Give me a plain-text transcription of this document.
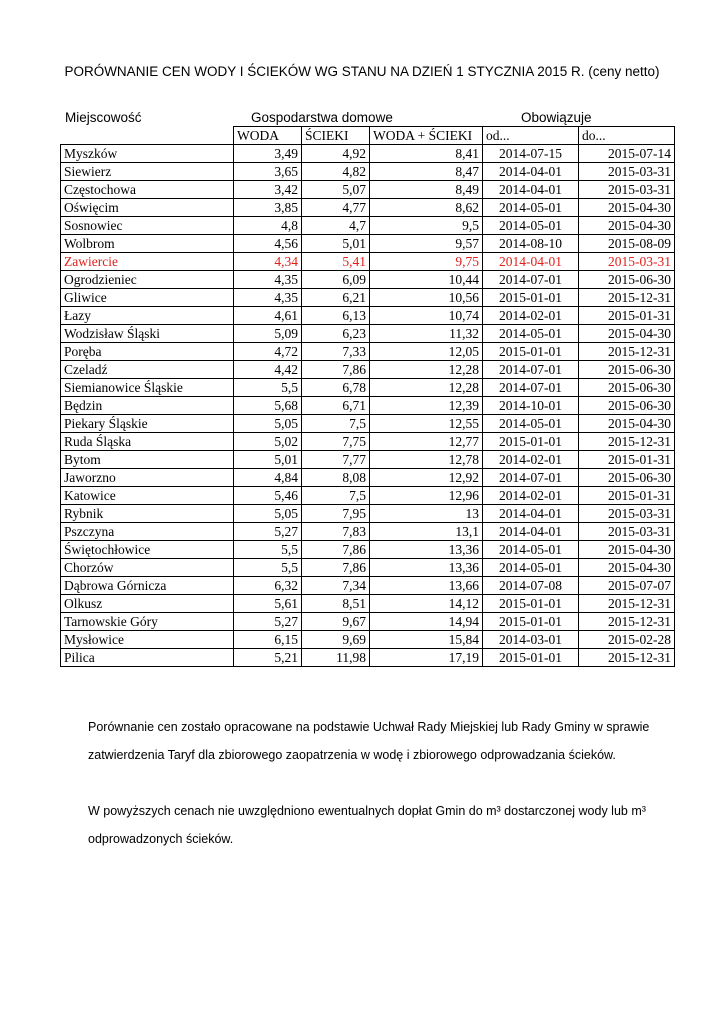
PORÓWNANIE CEN WODY I ŚCIEKÓW WG STANU NA DZIEŃ 1 STYCZNIA 2015 R. (ceny netto)
Miejscowość	Gospodarstwa domowe	Obowiązuje
	WODA	ŚCIEKI	WODA + ŚCIEKI	od...	do...
Myszków	3,49	4,92	8,41	2014-07-15	2015-07-14
Siewierz	3,65	4,82	8,47	2014-04-01	2015-03-31
Częstochowa	3,42	5,07	8,49	2014-04-01	2015-03-31
Oświęcim	3,85	4,77	8,62	2014-05-01	2015-04-30
Sosnowiec	4,8	4,7	9,5	2014-05-01	2015-04-30
Wolbrom	4,56	5,01	9,57	2014-08-10	2015-08-09
Zawiercie	4,34	5,41	9,75	2014-04-01	2015-03-31
Ogrodzieniec	4,35	6,09	10,44	2014-07-01	2015-06-30
Gliwice	4,35	6,21	10,56	2015-01-01	2015-12-31
Łazy	4,61	6,13	10,74	2014-02-01	2015-01-31
Wodzisław Śląski	5,09	6,23	11,32	2014-05-01	2015-04-30
Poręba	4,72	7,33	12,05	2015-01-01	2015-12-31
Czeladź	4,42	7,86	12,28	2014-07-01	2015-06-30
Siemianowice Śląskie	5,5	6,78	12,28	2014-07-01	2015-06-30
Będzin	5,68	6,71	12,39	2014-10-01	2015-06-30
Piekary Śląskie	5,05	7,5	12,55	2014-05-01	2015-04-30
Ruda Śląska	5,02	7,75	12,77	2015-01-01	2015-12-31
Bytom	5,01	7,77	12,78	2014-02-01	2015-01-31
Jaworzno	4,84	8,08	12,92	2014-07-01	2015-06-30
Katowice	5,46	7,5	12,96	2014-02-01	2015-01-31
Rybnik	5,05	7,95	13	2014-04-01	2015-03-31
Pszczyna	5,27	7,83	13,1	2014-04-01	2015-03-31
Świętochłowice	5,5	7,86	13,36	2014-05-01	2015-04-30
Chorzów	5,5	7,86	13,36	2014-05-01	2015-04-30
Dąbrowa Górnicza	6,32	7,34	13,66	2014-07-08	2015-07-07
Olkusz	5,61	8,51	14,12	2015-01-01	2015-12-31
Tarnowskie Góry	5,27	9,67	14,94	2015-01-01	2015-12-31
Mysłowice	6,15	9,69	15,84	2014-03-01	2015-02-28
Pilica	5,21	11,98	17,19	2015-01-01	2015-12-31

Porównanie cen zostało opracowane na podstawie Uchwał Rady Miejskiej lub Rady Gminy w sprawie

zatwierdzenia Taryf dla zbiorowego zaopatrzenia w wodę i zbiorowego odprowadzania ścieków.

W powyższych cenach nie uwzględniono ewentualnych dopłat Gmin do m³ dostarczonej wody lub m³

odprowadzonych ścieków.
